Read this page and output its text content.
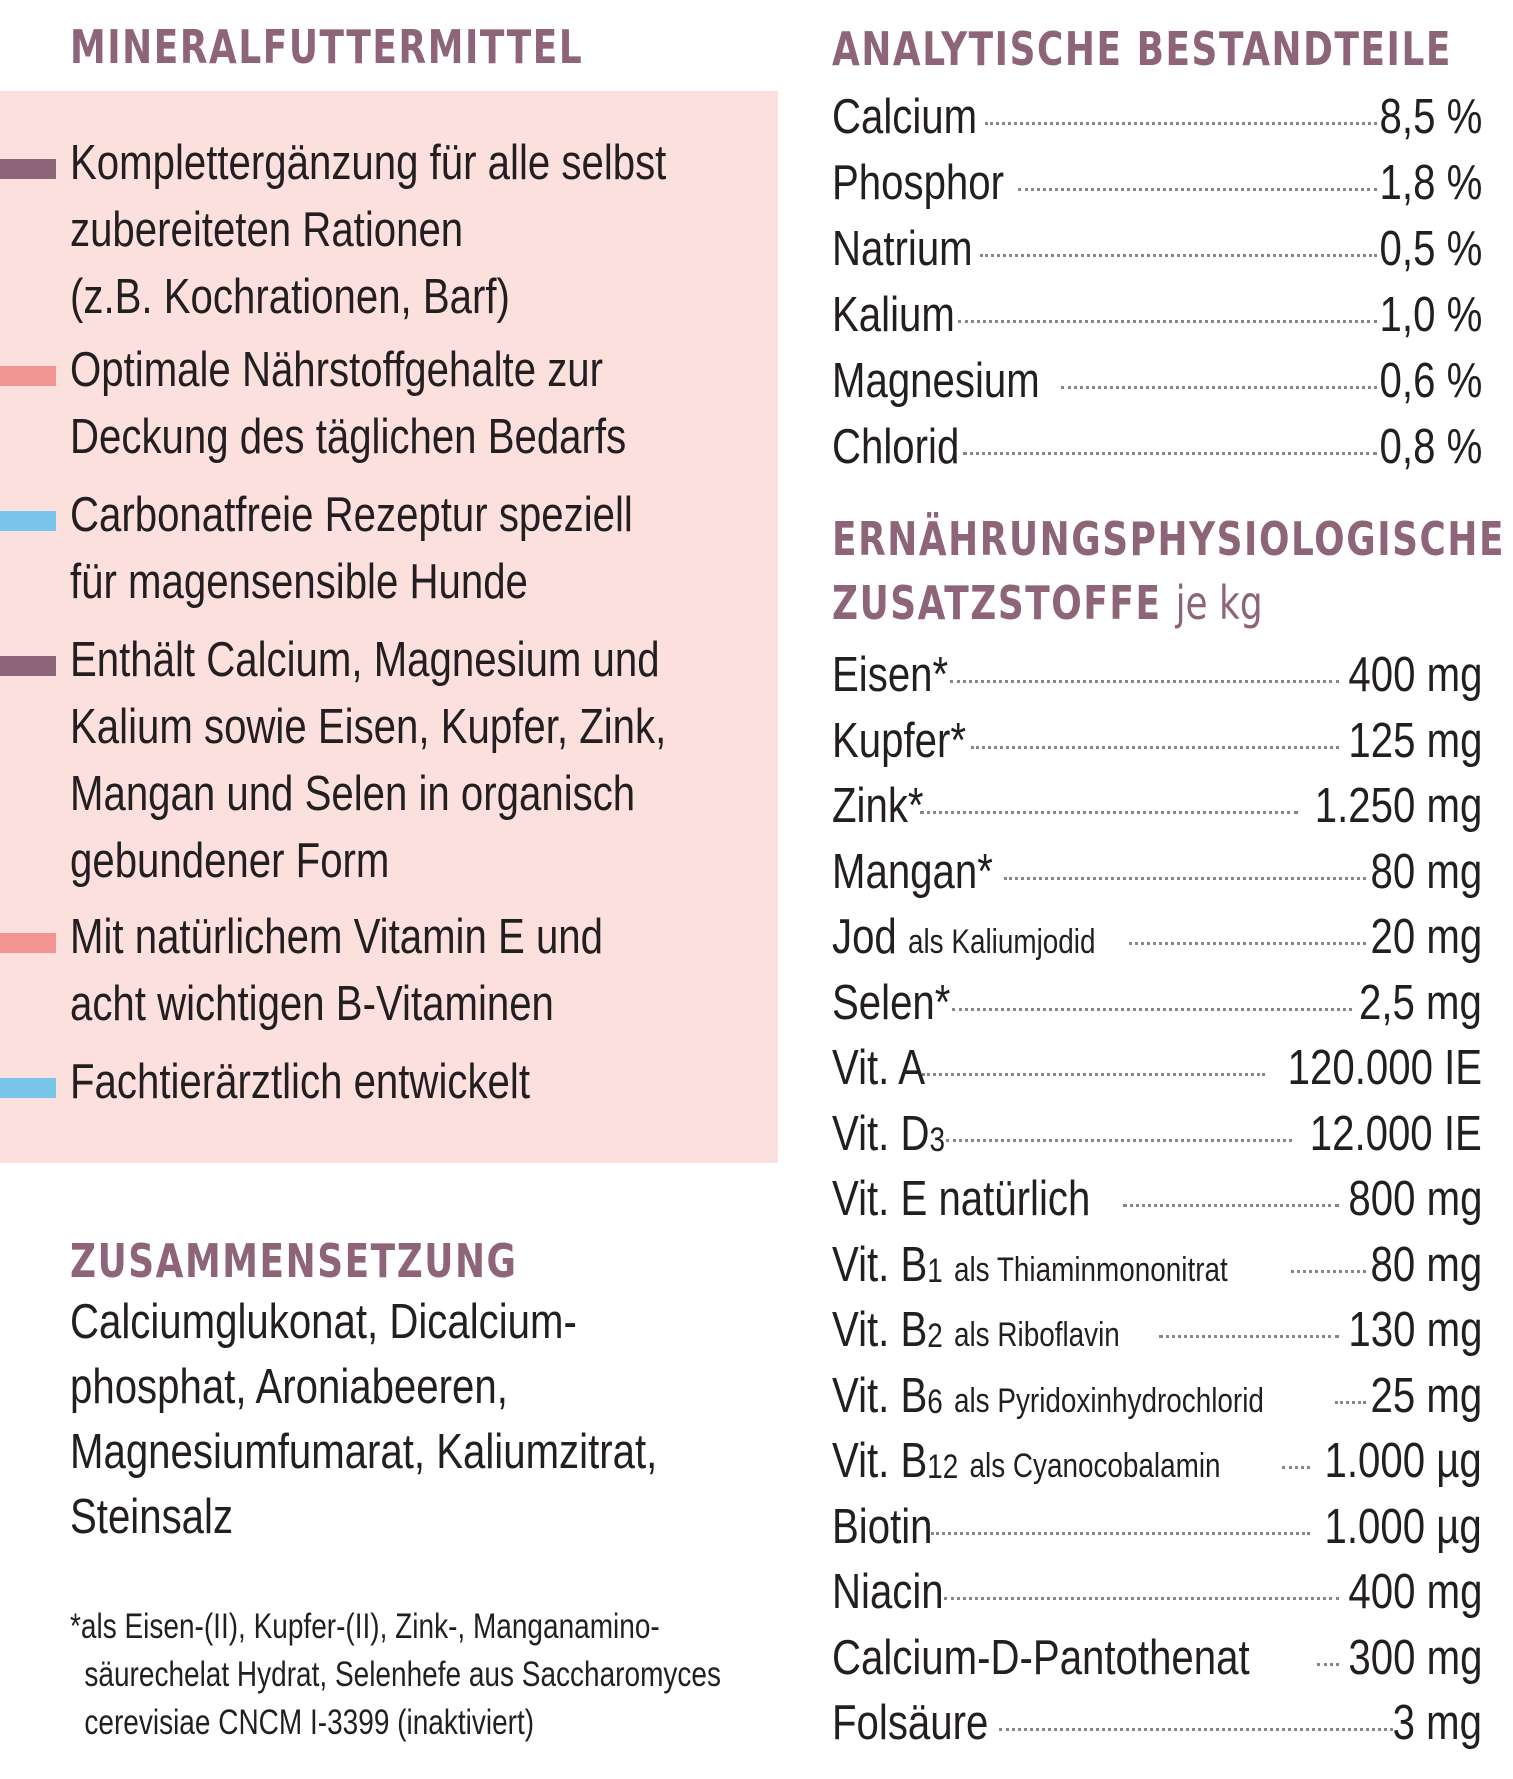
MINERALFUTTERMITTEL
Komplettergänzung für alle selbst
zubereiteten Rationen
(z.B. Kochrationen, Barf)
Optimale Nährstoffgehalte zur
Deckung des täglichen Bedarfs
Carbonatfreie Rezeptur speziell
für magensensible Hunde
Enthält Calcium, Magnesium und
Kalium sowie Eisen, Kupfer, Zink,
Mangan und Selen in organisch
gebundener Form
Mit natürlichem Vitamin E und
acht wichtigen B-Vitaminen
Fachtierärztlich entwickelt
ZUSAMMENSETZUNG
Calciumglukonat, Dicalcium-
phosphat, Aroniabeeren,
Magnesiumfumarat, Kaliumzitrat,
Steinsalz
*als Eisen-(II), Kupfer-(II), Zink-, Manganamino-
säurechelat Hydrat, Selenhefe aus Saccharomyces
cerevisiae CNCM I-3399 (inaktiviert)
ANALYTISCHE BESTANDTEILE
Calcium	8,5 %
Phosphor	1,8 %
Natrium	0,5 %
Kalium	1,0 %
Magnesium	0,6 %
Chlorid	0,8 %
ERNÄHRUNGSPHYSIOLOGISCHE
ZUSATZSTOFFE je kg
Eisen*	400 mg
Kupfer*	125 mg
Zink*	1.250 mg
Mangan*	80 mg
Jod als Kaliumjodid	20 mg
Selen*	2,5 mg
Vit. A	120.000 IE
Vit. $D_3$	12.000 IE
Vit. E natürlich	800 mg
Vit. $B_1$ als Thiaminmononitrat	80 mg
Vit. $B_2$ als Riboflavin	130 mg
Vit. $B_6$ als Pyridoxinhydrochlorid 25 mg
Vit. $B_{12}$ als Cyanocobalamin 1.000 µg
Biotin	1.000 µg
Niacin	400 mg
Calcium-D-Pantothenat 300 mg
Folsäure	3 mg
